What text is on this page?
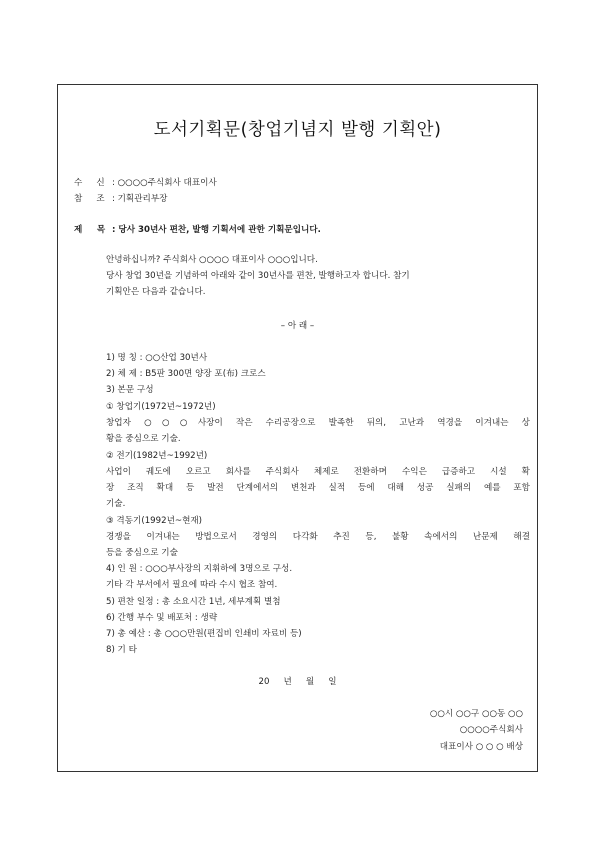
도서기획문(창업기념지 발행 기획안)
수 　 신 : ○○○○주식회사 대표이사
참 　 조 : 기획관리부장
제 　 목 : 당사 30년사 편찬, 발행 기획서에 관한 기획문입니다.
안녕하십니까? 주식회사 ○○○○ 대표이사 ○○○입니다.
당사 창업 30년을 기념하여 아래와 같이 30년사를 편찬, 발행하고자 합니다. 참기
기획안은 다음과 같습니다.
– 아 래 –
1) 명 칭 : ○○산업 30년사
2) 체 제 : B5판 300면 양장 포(布) 크로스
3) 본문 구성
① 창업기(1972년~1972년)
창업자 ○○○사장이 작은 수리공장으로 발족한 뒤의, 고난과 역경을 이겨내는 상
황을 중심으로 기술.
② 전기(1982년~1992년)
사업이 궤도에 오르고 회사를 주식회사 체제로 전환하며 수익은 급증하고 시설 확
장 조직 확대 등 발전 단계에서의 변천과 실적 등에 대해 성공 실패의 예를 포함
기술.
③ 격동기(1992년~현재)
경쟁을 이겨내는 방법으로서 경영의 다각화 추진 등, 불황 속에서의 난문제 해결
등을 중심으로 기술
4) 인 원 : ○○○부사장의 지휘하에 3명으로 구성.
기타 각 부서에서 필요에 따라 수시 협조 참여.
5) 편찬 일정 : 총 소요시간 1년, 세부계획 별첨
6) 간행 부수 및 배포처 : 생략
7) 총 예산 : 총 ○○○만원(편집비 인쇄비 자료비 등)
8) 기 타
20 　 년 　 월 　 일
○○시 ○○구 ○○동 ○○
○○○○주식회사
대표이사 ○ ○ ○ 배상
